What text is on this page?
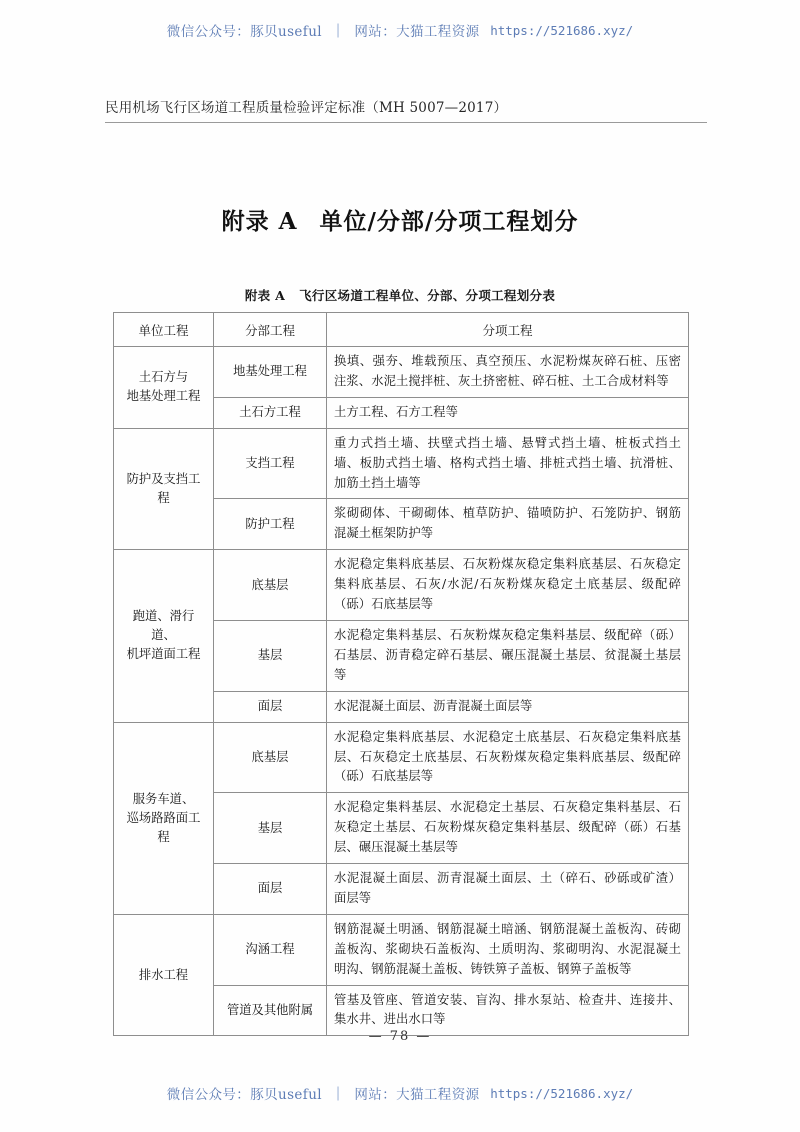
微信公众号：豚贝useful | 网站：大猫工程资源 https://521686.xyz/
民用机场飞行区场道工程质量检验评定标准（MH 5007—2017）
附录 A 单位/分部/分项工程划分
附表 A 飞行区场道工程单位、分部、分项工程划分表
单位工程	分部工程	分项工程
土石方与
地基处理工程	地基处理工程	换填、强夯、堆载预压、真空预压、水泥粉煤灰碎石桩、压密注浆、水泥土搅拌桩、灰土挤密桩、碎石桩、土工合成材料等
	土石方工程	土方工程、石方工程等
防护及支挡工程	支挡工程	重力式挡土墙、扶壁式挡土墙、悬臂式挡土墙、桩板式挡土墙、板肋式挡土墙、格构式挡土墙、排桩式挡土墙、抗滑桩、加筋土挡土墙等
	防护工程	浆砌砌体、干砌砌体、植草防护、锚喷防护、石笼防护、钢筋混凝土框架防护等
跑道、滑行道、
机坪道面工程	底基层	水泥稳定集料底基层、石灰粉煤灰稳定集料底基层、石灰稳定集料底基层、石灰/水泥/石灰粉煤灰稳定土底基层、级配碎（砾）石底基层等
	基层	水泥稳定集料基层、石灰粉煤灰稳定集料基层、级配碎（砾）石基层、沥青稳定碎石基层、碾压混凝土基层、贫混凝土基层等
	面层	水泥混凝土面层、沥青混凝土面层等
服务车道、
巡场路路面工程	底基层	水泥稳定集料底基层、水泥稳定土底基层、石灰稳定集料底基层、石灰稳定土底基层、石灰粉煤灰稳定集料底基层、级配碎（砾）石底基层等
	基层	水泥稳定集料基层、水泥稳定土基层、石灰稳定集料基层、石灰稳定土基层、石灰粉煤灰稳定集料基层、级配碎（砾）石基层、碾压混凝土基层等
	面层	水泥混凝土面层、沥青混凝土面层、土（碎石、砂砾或矿渣）面层等
排水工程	沟涵工程	钢筋混凝土明涵、钢筋混凝土暗涵、钢筋混凝土盖板沟、砖砌盖板沟、浆砌块石盖板沟、土质明沟、浆砌明沟、水泥混凝土明沟、钢筋混凝土盖板、铸铁箅子盖板、钢箅子盖板等
	管道及其他附属	管基及管座、管道安装、盲沟、排水泵站、检查井、连接井、集水井、进出水口等
— 78 —
微信公众号：豚贝useful | 网站：大猫工程资源 https://521686.xyz/
